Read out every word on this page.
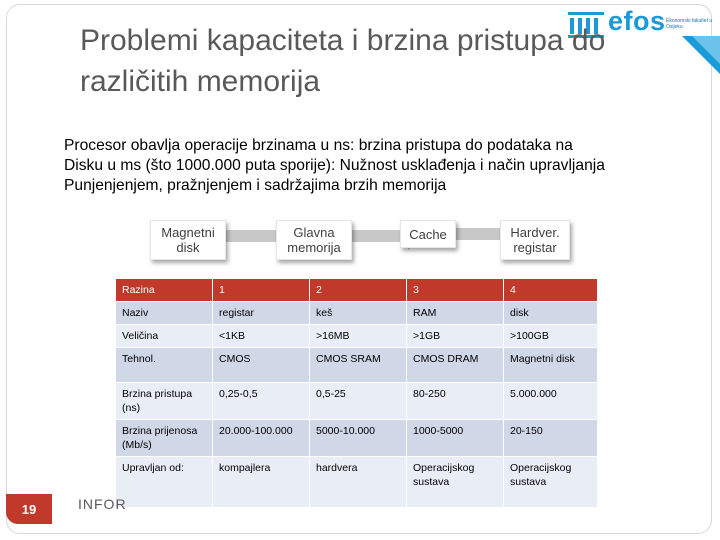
efos Ekonomski fakultet u Osijeku
Problemi kapaciteta i brzina pristupa do
različitih memorija
Procesor obavlja operacije brzinama u ns: brzina pristupa do podataka na
Disku u ms (što 1000.000 puta sporije): Nužnost usklađenja i način upravljanja
Punjenjenjem, pražnjenjem i sadržajima brzih memorija
Magnetni
disk
Glavna
memorija
Cache	Hardver.
registar
Razina	1	2	3	4
Naziv	registar	keš	RAM	disk
Veličina	<1KB	>16MB	>1GB	>100GB
Tehnol.	CMOS	CMOS SRAM	CMOS DRAM	Magnetni disk
Brzina pristupa (ns)	0,25-0,5	0,5-25	80-250	5.000.000
Brzina prijenosa (Mb/s)	20.000-100.000	5000-10.000	1000-5000	20-150
Upravljan od:	kompajlera	hardvera	Operacijskog sustava	Operacijskog sustava
19	INFOR
